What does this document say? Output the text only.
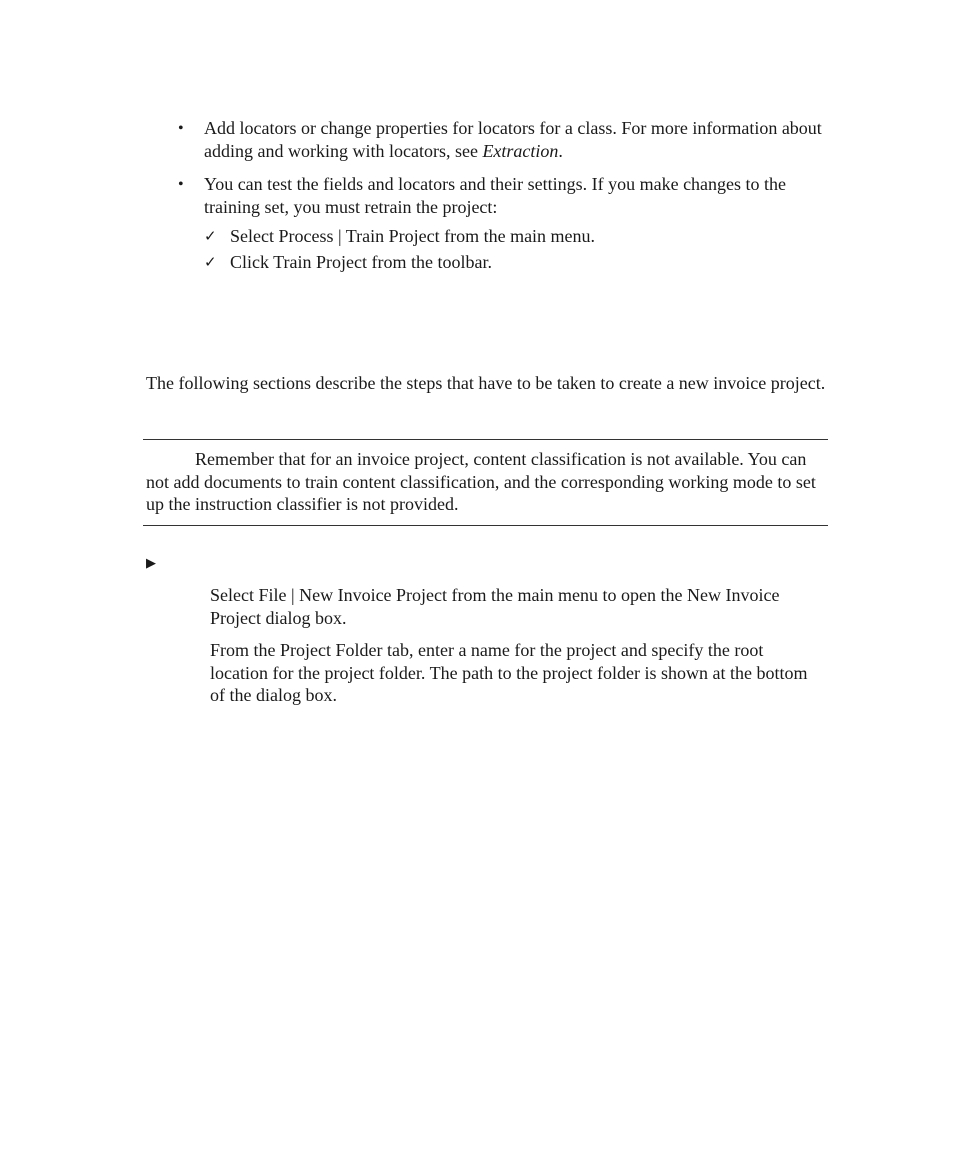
• Add locators or change properties for locators for a class. For more information about adding and working with locators, see Extraction.
• You can test the fields and locators and their settings. If you make changes to the training set, you must retrain the project:
✓ Select Process | Train Project from the main menu.
✓ Click Train Project from the toolbar.
The following sections describe the steps that have to be taken to create a new invoice project.
Remember that for an invoice project, content classification is not available. You can not add documents to train content classification, and the corresponding working mode to set up the instruction classifier is not provided.
▶
Select File | New Invoice Project from the main menu to open the New Invoice Project dialog box.
From the Project Folder tab, enter a name for the project and specify the root location for the project folder. The path to the project folder is shown at the bottom of the dialog box.
